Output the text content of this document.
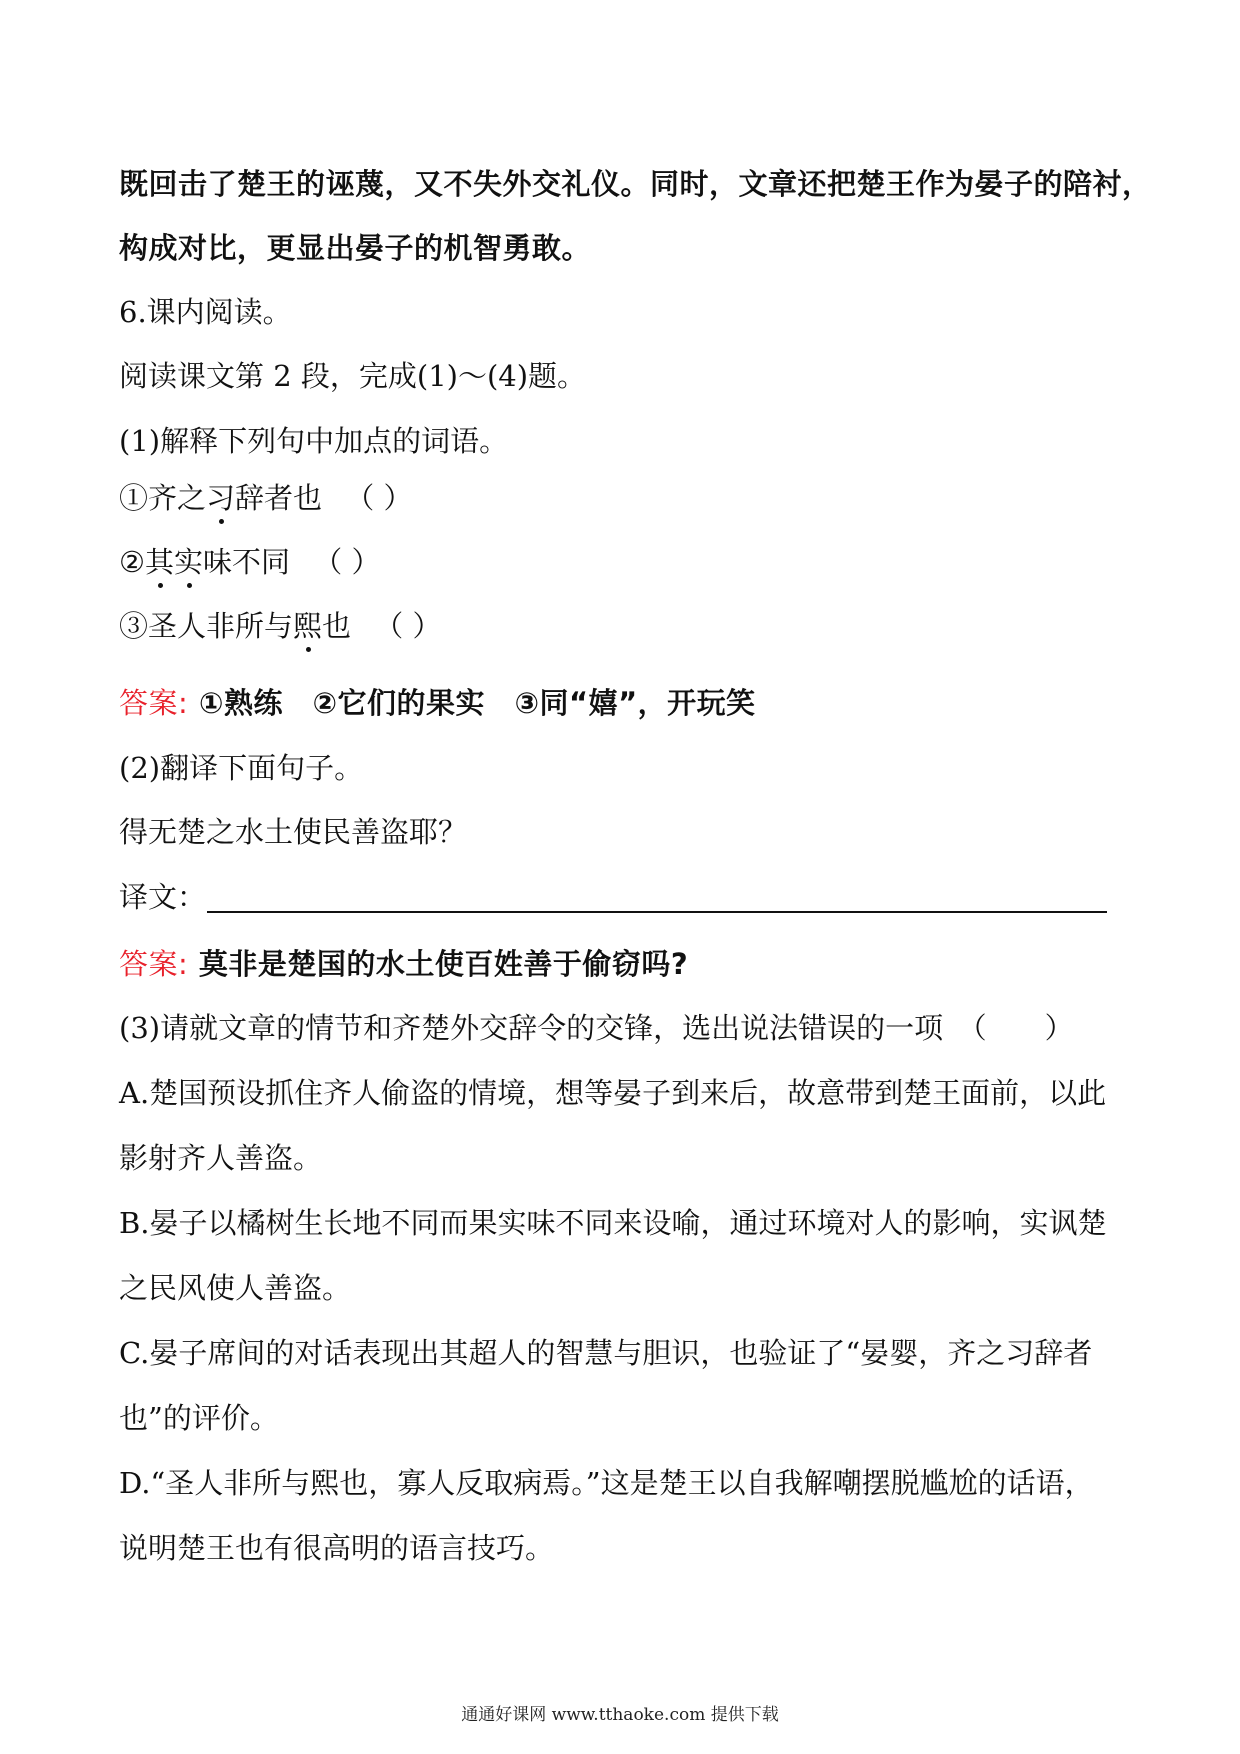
既回击了楚王的诬蔑，又不失外交礼仪。同时，文章还把楚王作为晏子的陪衬，
构成对比，更显出晏子的机智勇敢。
6.课内阅读。
阅读课文第 2 段，完成(1)～(4)题。
(1)解释下列句中加点的词语。
①齐之习辞者也 （ ）
②其实味不同 （ ）
③圣人非所与熙也 （ ）
答案: ①熟练　②它们的果实　③同“嬉”，开玩笑
(2)翻译下面句子。
得无楚之水土使民善盗耶？
译文：
答案: 莫非是楚国的水土使百姓善于偷窃吗?
(3)请就文章的情节和齐楚外交辞令的交锋，选出说法错误的一项　（　　）
A.楚国预设抓住齐人偷盗的情境，想等晏子到来后，故意带到楚王面前，以此
影射齐人善盗。
B.晏子以橘树生长地不同而果实味不同来设喻，通过环境对人的影响，实讽楚
之民风使人善盗。
C.晏子席间的对话表现出其超人的智慧与胆识，也验证了“晏婴，齐之习辞者
也”的评价。
D.“圣人非所与熙也，寡人反取病焉。”这是楚王以自我解嘲摆脱尴尬的话语，
说明楚王也有很高明的语言技巧。
通通好课网 www.tthaoke.com 提供下载
